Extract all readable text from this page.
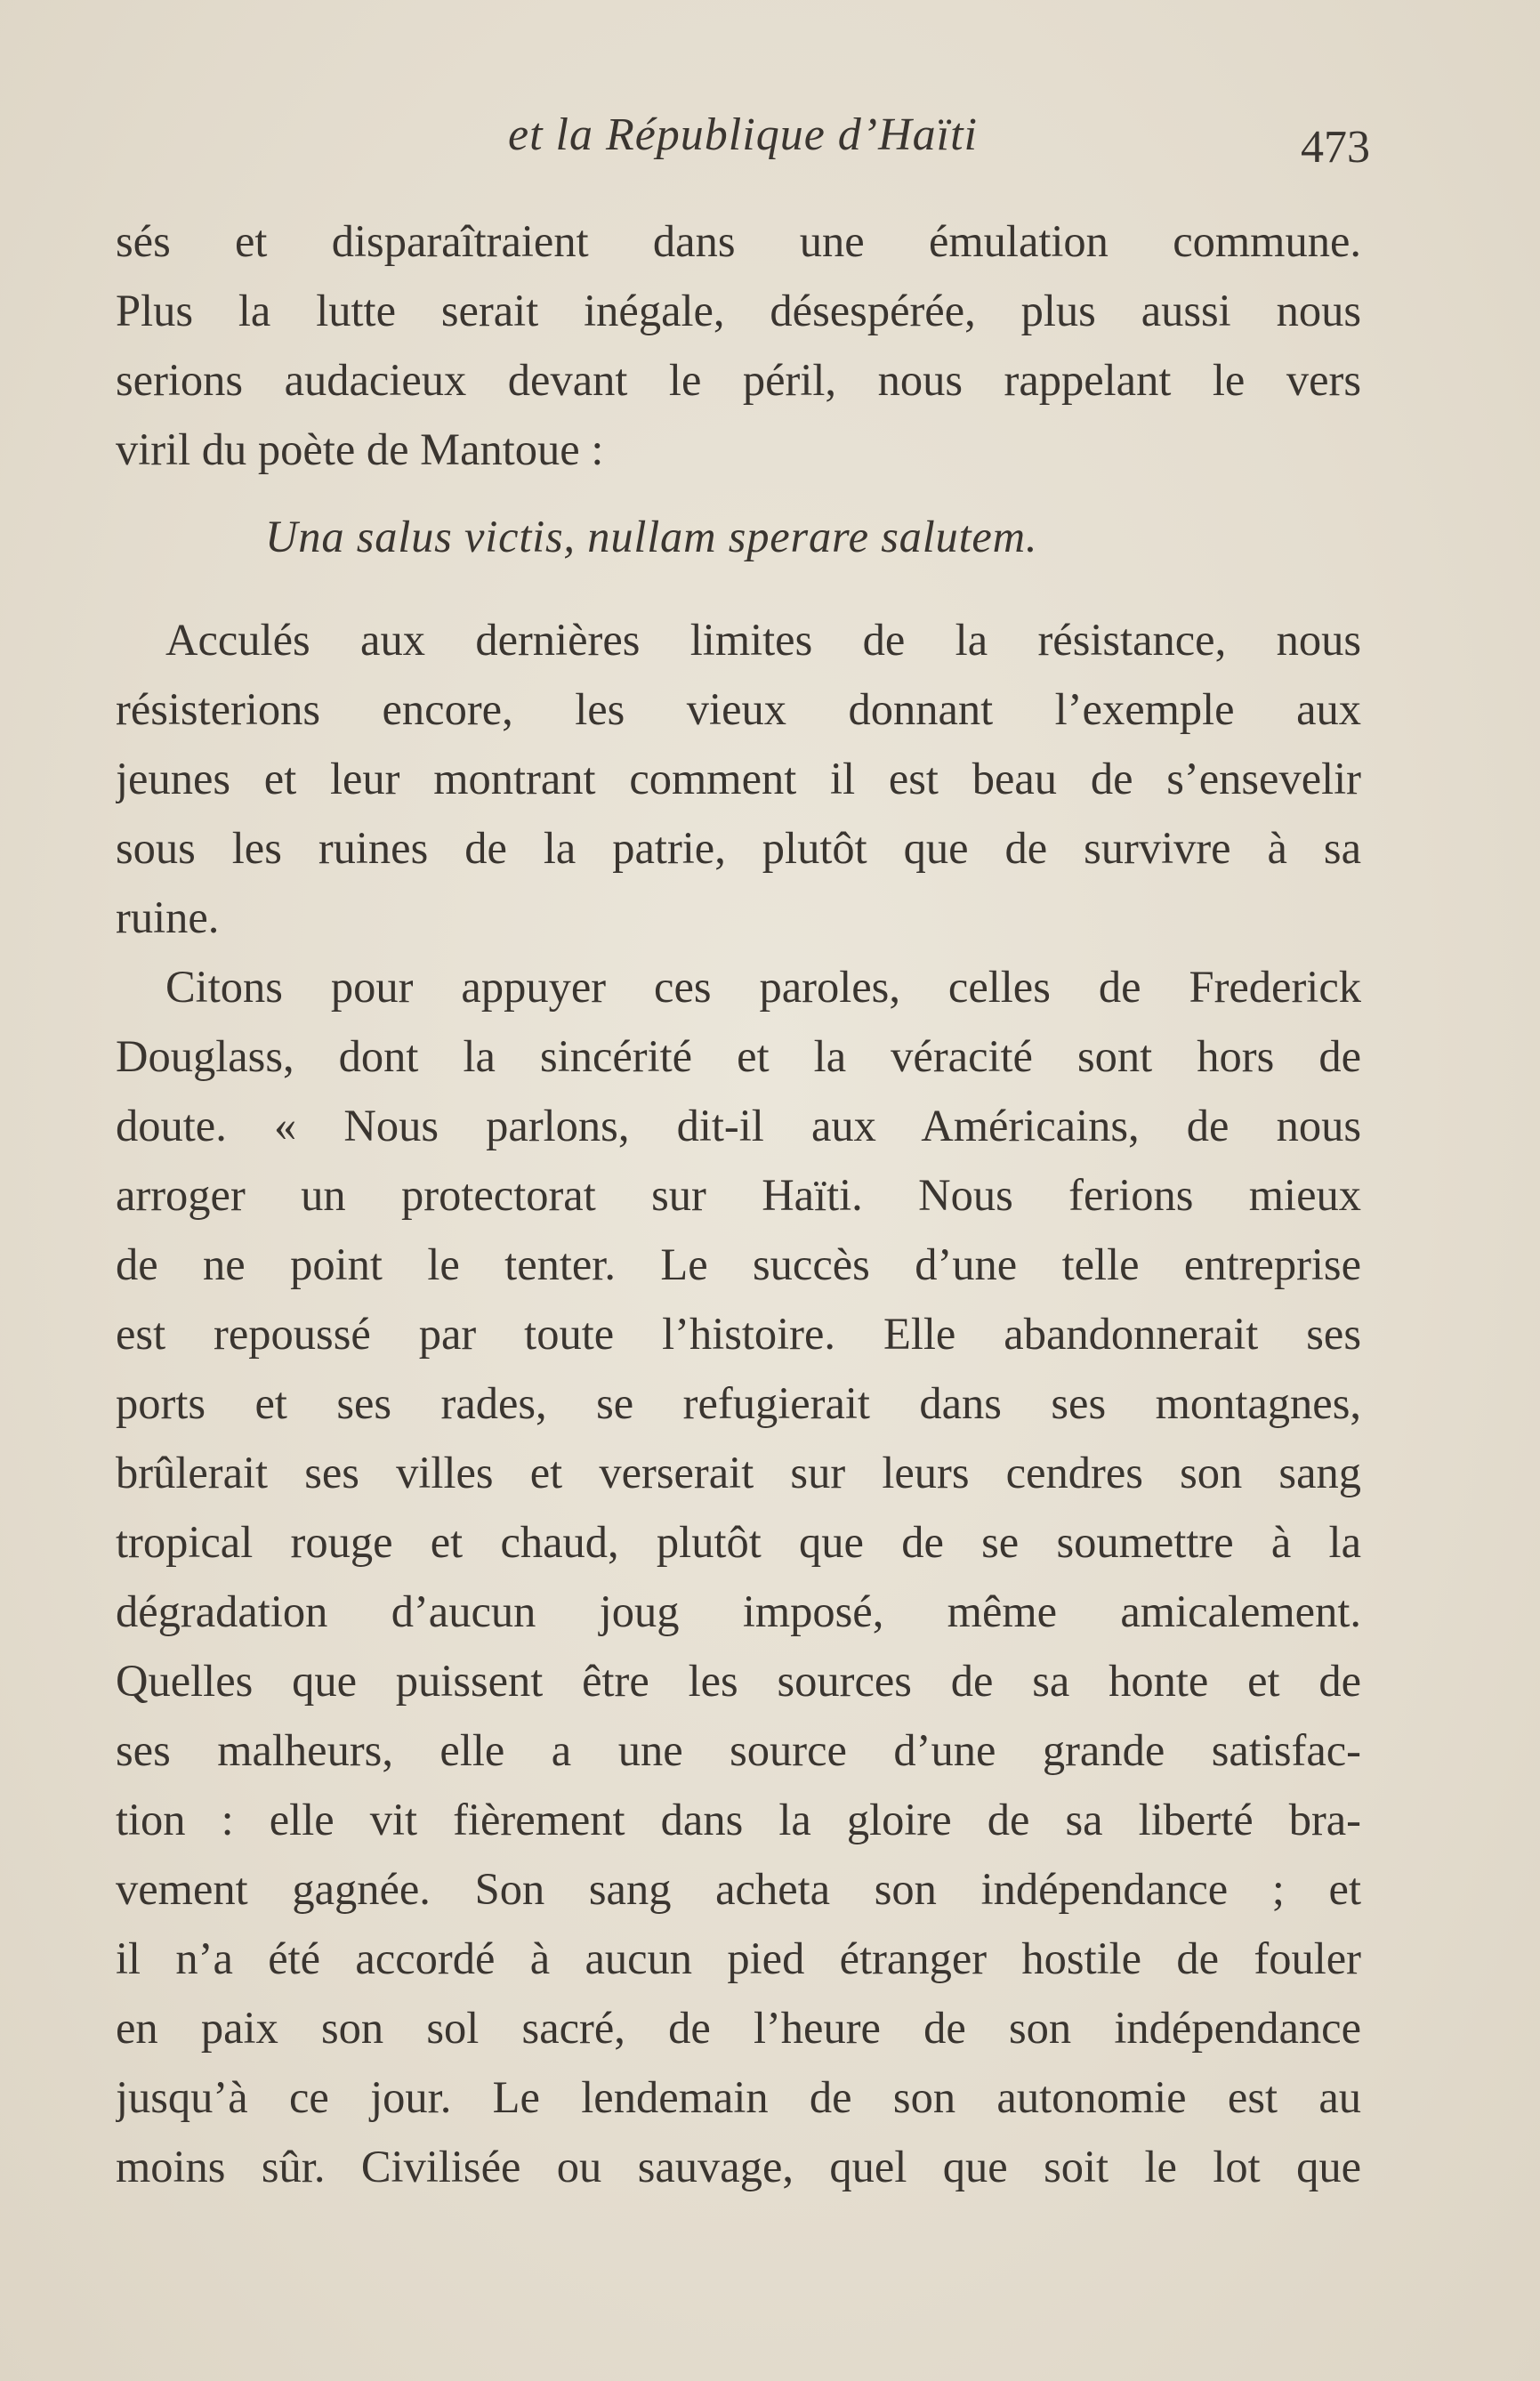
et la République d’Haïti	473
sés et disparaîtraient dans une émulation commune.
Plus la lutte serait inégale, désespérée, plus aussi nous
serions audacieux devant le péril, nous rappelant le vers
viril du poète de Mantoue :
Una salus victis, nullam sperare salutem.
Acculés aux dernières limites de la résistance, nous
résisterions encore, les vieux donnant l’exemple aux
jeunes et leur montrant comment il est beau de s’ensevelir
sous les ruines de la patrie, plutôt que de survivre à sa
ruine.
Citons pour appuyer ces paroles, celles de Frederick
Douglass, dont la sincérité et la véracité sont hors de
doute. « Nous parlons, dit-il aux Américains, de nous
arroger un protectorat sur Haïti. Nous ferions mieux
de ne point le tenter. Le succès d’une telle entreprise
est repoussé par toute l’histoire. Elle abandonnerait ses
ports et ses rades, se refugierait dans ses montagnes,
brûlerait ses villes et verserait sur leurs cendres son sang
tropical rouge et chaud, plutôt que de se soumettre à la
dégradation d’aucun joug imposé, même amicalement.
Quelles que puissent être les sources de sa honte et de
ses malheurs, elle a une source d’une grande satisfac-
tion : elle vit fièrement dans la gloire de sa liberté bra-
vement gagnée. Son sang acheta son indépendance ; et
il n’a été accordé à aucun pied étranger hostile de fouler
en paix son sol sacré, de l’heure de son indépendance
jusqu’à ce jour. Le lendemain de son autonomie est au
moins sûr. Civilisée ou sauvage, quel que soit le lot que
